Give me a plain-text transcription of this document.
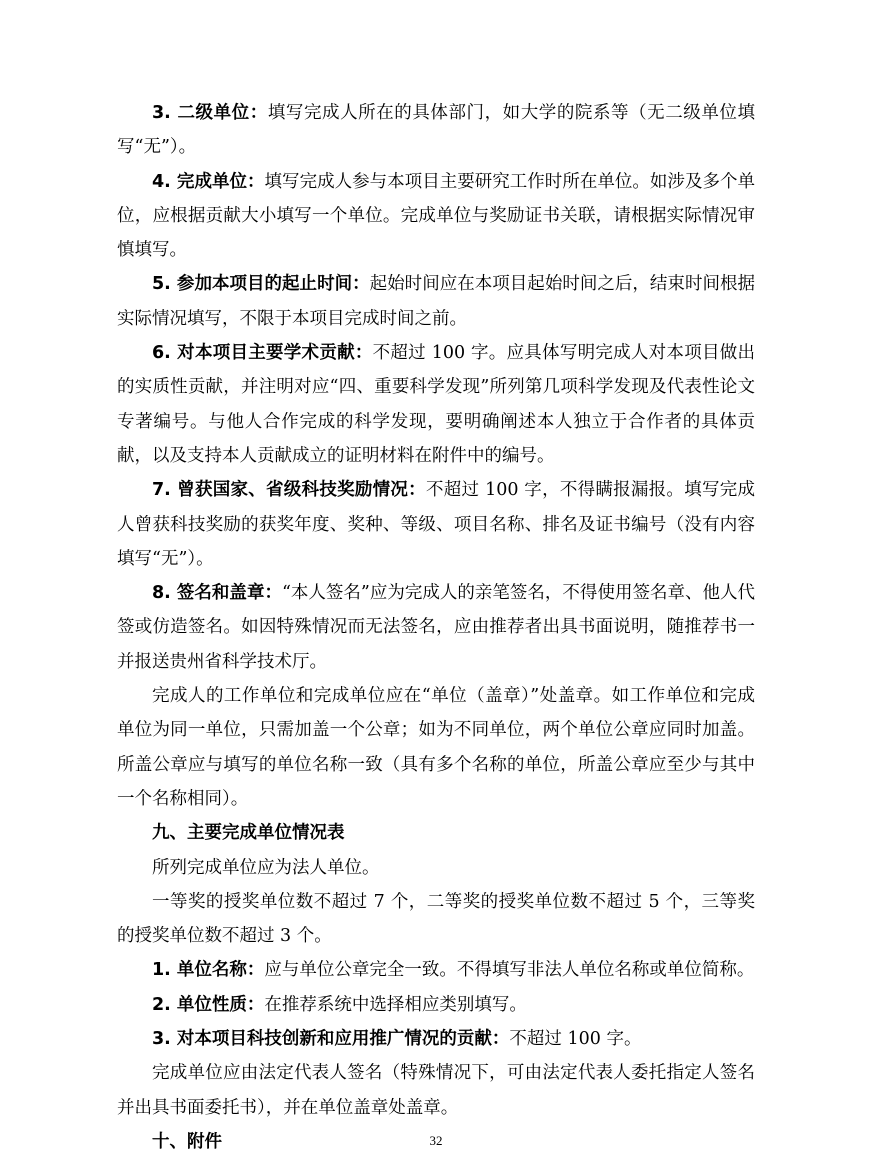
3. 二级单位：填写完成人所在的具体部门，如大学的院系等（无二级单位填写“无”）。

4. 完成单位：填写完成人参与本项目主要研究工作时所在单位。如涉及多个单位，应根据贡献大小填写一个单位。完成单位与奖励证书关联，请根据实际情况审慎填写。

5. 参加本项目的起止时间：起始时间应在本项目起始时间之后，结束时间根据实际情况填写，不限于本项目完成时间之前。

6. 对本项目主要学术贡献：不超过 100 字。应具体写明完成人对本项目做出的实质性贡献，并注明对应“四、重要科学发现”所列第几项科学发现及代表性论文专著编号。与他人合作完成的科学发现，要明确阐述本人独立于合作者的具体贡献，以及支持本人贡献成立的证明材料在附件中的编号。

7. 曾获国家、省级科技奖励情况：不超过 100 字，不得瞒报漏报。填写完成人曾获科技奖励的获奖年度、奖种、等级、项目名称、排名及证书编号（没有内容填写“无”）。

8. 签名和盖章：“本人签名”应为完成人的亲笔签名，不得使用签名章、他人代签或仿造签名。如因特殊情况而无法签名，应由推荐者出具书面说明，随推荐书一并报送贵州省科学技术厅。

完成人的工作单位和完成单位应在“单位（盖章）”处盖章。如工作单位和完成单位为同一单位，只需加盖一个公章；如为不同单位，两个单位公章应同时加盖。所盖公章应与填写的单位名称一致（具有多个名称的单位，所盖公章应至少与其中一个名称相同）。

九、主要完成单位情况表

所列完成单位应为法人单位。

一等奖的授奖单位数不超过 7 个，二等奖的授奖单位数不超过 5 个，三等奖的授奖单位数不超过 3 个。

1. 单位名称：应与单位公章完全一致。不得填写非法人单位名称或单位简称。

2. 单位性质：在推荐系统中选择相应类别填写。

3. 对本项目科技创新和应用推广情况的贡献：不超过 100 字。

完成单位应由法定代表人签名（特殊情况下，可由法定代表人委托指定人签名并出具书面委托书），并在单位盖章处盖章。

十、附件	32
